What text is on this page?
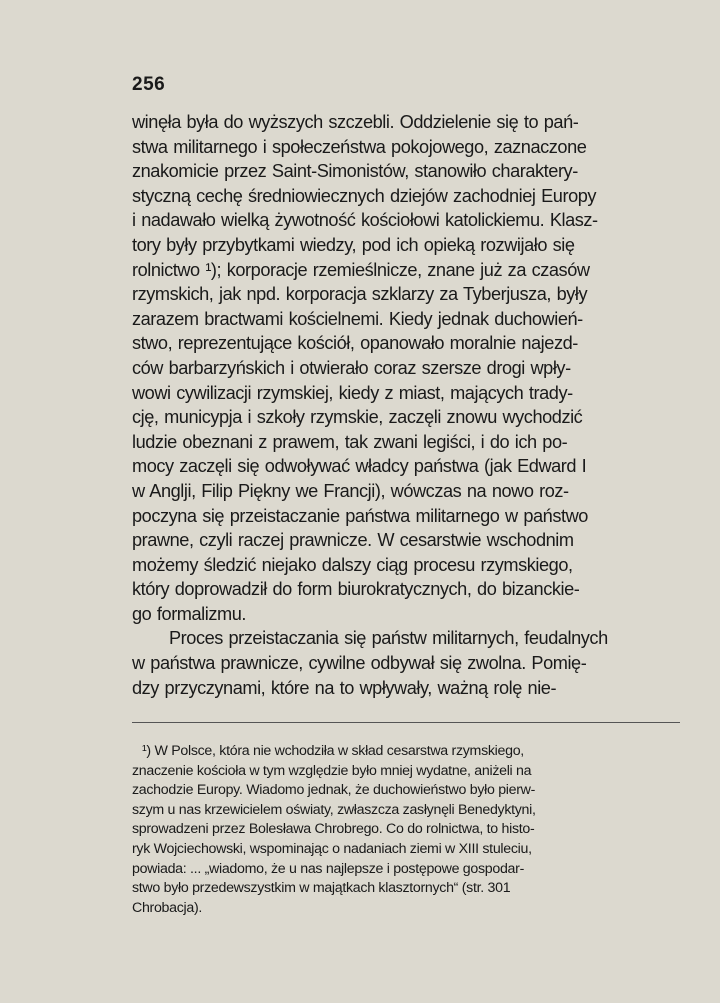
256
winęła była do wyższych szczebli. Oddzielenie się to pań-
stwa militarnego i społeczeństwa pokojowego, zaznaczone
znakomicie przez Saint-Simonistów, stanowiło charaktery-
styczną cechę średniowiecznych dziejów zachodniej Europy
i nadawało wielką żywotność kościołowi katolickiemu. Klasz-
tory były przybytkami wiedzy, pod ich opieką rozwijało się
rolnictwo ¹); korporacje rzemieślnicze, znane już za czasów
rzymskich, jak npd. korporacja szklarzy za Tyberjusza, były
zarazem bractwami kościelnemi. Kiedy jednak duchowień-
stwo, reprezentujące kościół, opanowało moralnie najezd-
ców barbarzyńskich i otwierało coraz szersze drogi wpły-
wowi cywilizacji rzymskiej, kiedy z miast, mających trady-
cję, municypja i szkoły rzymskie, zaczęli znowu wychodzić
ludzie obeznani z prawem, tak zwani legiści, i do ich po-
mocy zaczęli się odwoływać władcy państwa (jak Edward I
w Anglji, Filip Piękny we Francji), wówczas na nowo roz-
poczyna się przeistaczanie państwa militarnego w państwo
prawne, czyli raczej prawnicze. W cesarstwie wschodnim
możemy śledzić niejako dalszy ciąg procesu rzymskiego,
który doprowadził do form biurokratycznych, do bizanckie-
go formalizmu.
Proces przeistaczania się państw militarnych, feudalnych
w państwa prawnicze, cywilne odbywał się zwolna. Pomię-
dzy przyczynami, które na to wpływały, ważną rolę nie-
¹) W Polsce, która nie wchodziła w skład cesarstwa rzymskiego,
znaczenie kościoła w tym względzie było mniej wydatne, aniżeli na
zachodzie Europy. Wiadomo jednak, że duchowieństwo było pierw-
szym u nas krzewicielem oświaty, zwłaszcza zasłynęli Benedyktyni,
sprowadzeni przez Bolesława Chrobrego. Co do rolnictwa, to histo-
ryk Wojciechowski, wspominając o nadaniach ziemi w XIII stuleciu,
powiada: ... „wiadomo, że u nas najlepsze i postępowe gospodar-
stwo było przedewszystkim w majątkach klasztornych“ (str. 301
Chrobacja).
